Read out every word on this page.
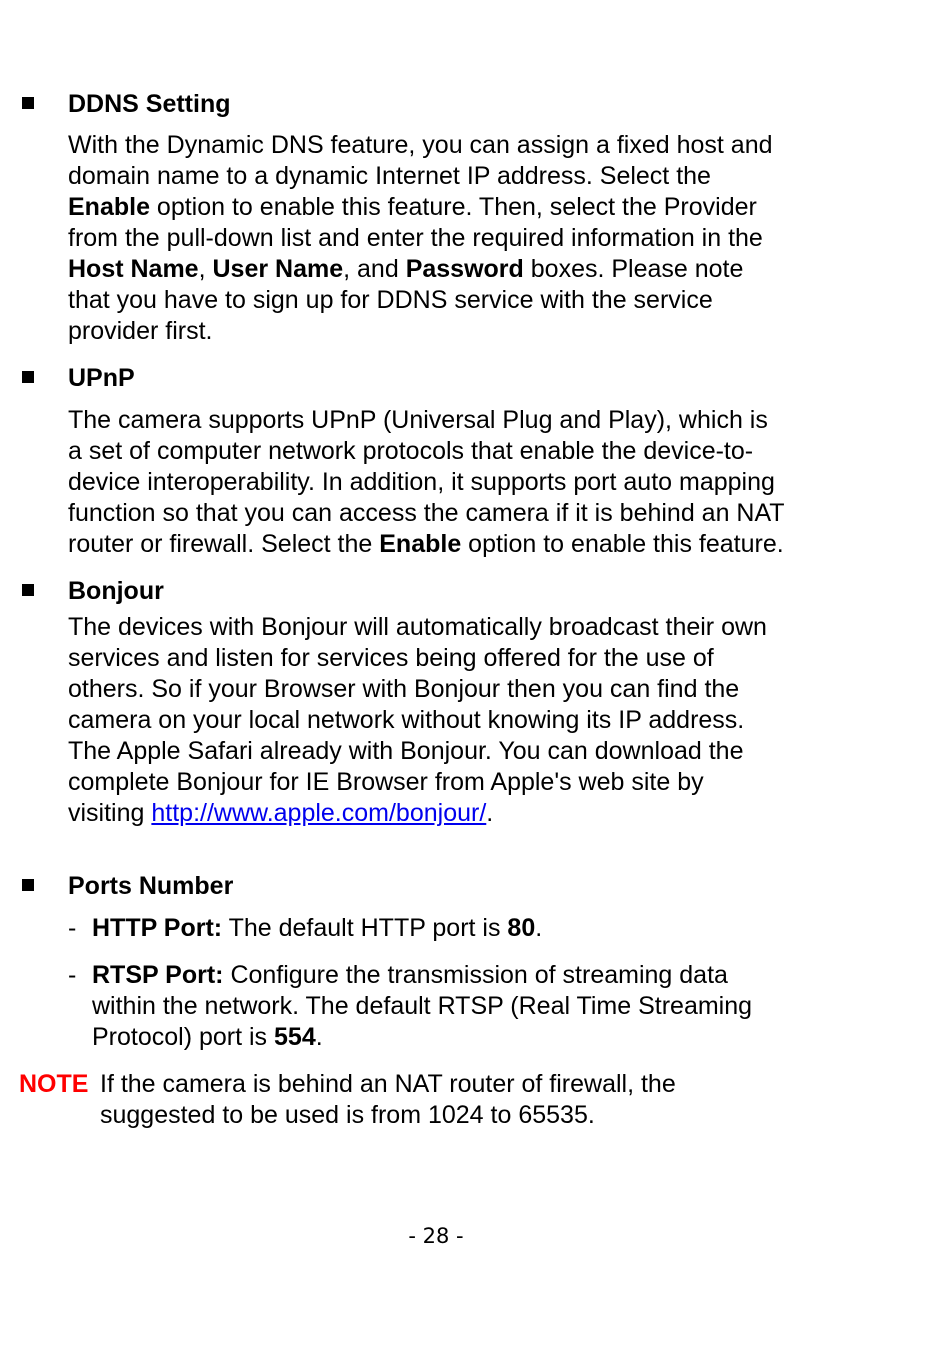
DDNS Setting
With the Dynamic DNS feature, you can assign a fixed host and
domain name to a dynamic Internet IP address. Select the
Enable option to enable this feature. Then, select the Provider
from the pull-down list and enter the required information in the
Host Name, User Name, and Password boxes. Please note
that you have to sign up for DDNS service with the service
provider first.
UPnP
The camera supports UPnP (Universal Plug and Play), which is
a set of computer network protocols that enable the device-to-
device interoperability. In addition, it supports port auto mapping
function so that you can access the camera if it is behind an NAT
router or firewall. Select the Enable option to enable this feature.
Bonjour
The devices with Bonjour will automatically broadcast their own
services and listen for services being offered for the use of
others. So if your Browser with Bonjour then you can find the
camera on your local network without knowing its IP address.
The Apple Safari already with Bonjour. You can download the
complete Bonjour for IE Browser from Apple's web site by
visiting http://www.apple.com/bonjour/.
Ports Number
- HTTP Port: The default HTTP port is 80.
- RTSP Port: Configure the transmission of streaming data
within the network. The default RTSP (Real Time Streaming
Protocol) port is 554.
NOTE If the camera is behind an NAT router of firewall, the
suggested to be used is from 1024 to 65535.
- 28 -
